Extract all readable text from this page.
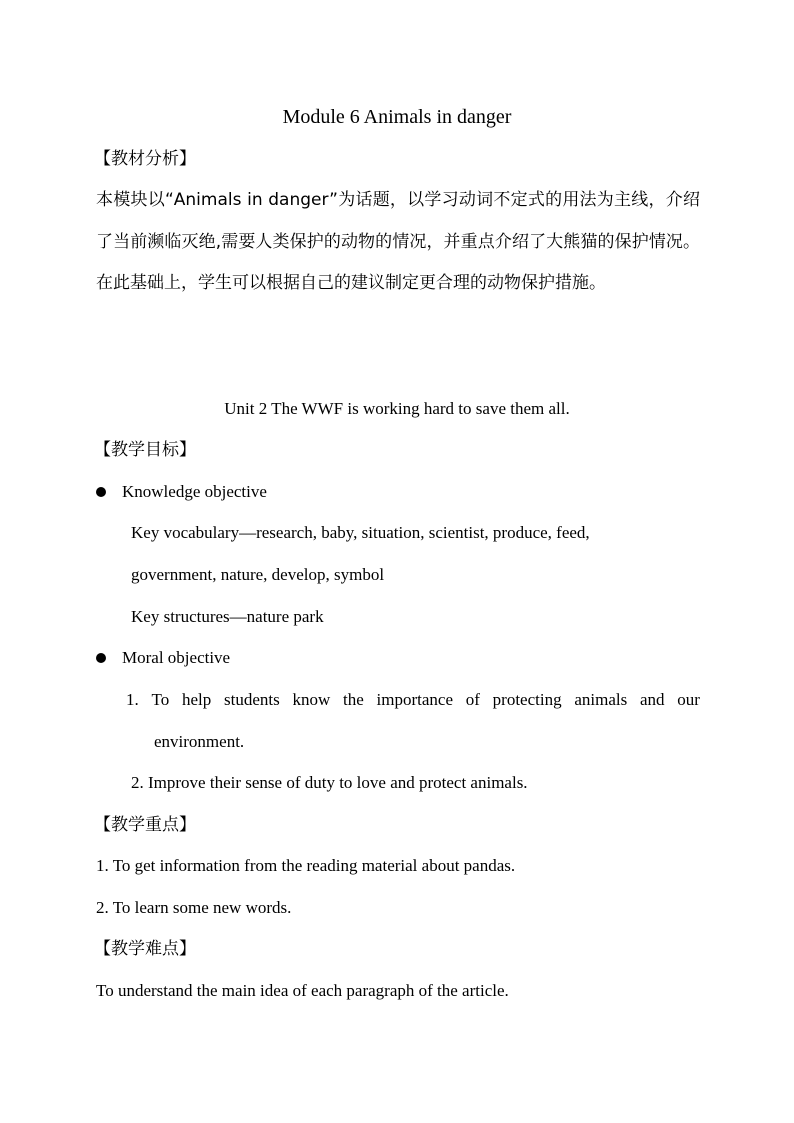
Module 6 Animals in danger
【教材分析】
本模块以“Animals in danger”为话题，以学习动词不定式的用法为主线，介绍了当前濒临灭绝,需要人类保护的动物的情况，并重点介绍了大熊猫的保护情况。在此基础上，学生可以根据自己的建议制定更合理的动物保护措施。
Unit 2 The WWF is working hard to save them all.
【教学目标】
Knowledge objective
Key vocabulary—research, baby, situation, scientist, produce, feed,
government, nature, develop, symbol
Key structures—nature park
Moral objective
1. To help students know the importance of protecting animals and our
environment.
2. Improve their sense of duty to love and protect animals.
【教学重点】
1. To get information from the reading material about pandas.
2. To learn some new words.
【教学难点】
To understand the main idea of each paragraph of the article.
